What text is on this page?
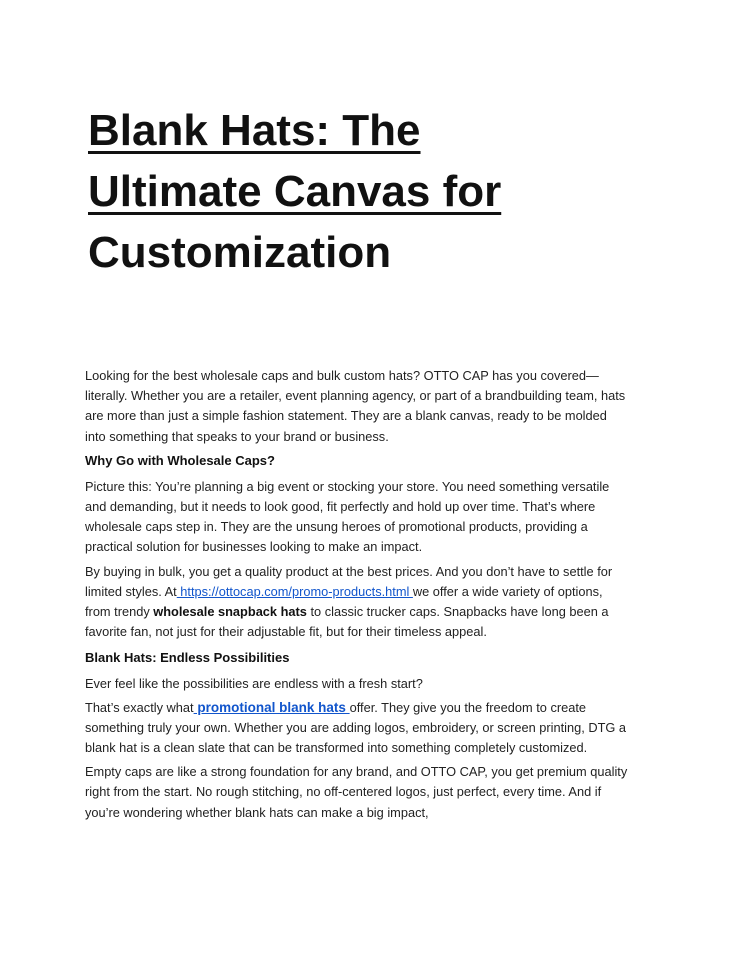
Blank Hats: The
Ultimate Canvas for
Customization

Looking for the best wholesale caps and bulk custom hats? OTTO CAP has you covered—
literally. Whether you are a retailer, event planning agency, or part of a brandbuilding team, hats
are more than just a simple fashion statement. They are a blank canvas, ready to be molded
into something that speaks to your brand or business.

Why Go with Wholesale Caps?

Picture this: You’re planning a big event or stocking your store. You need something versatile
and demanding, but it needs to look good, fit perfectly and hold up over time. That’s where
wholesale caps step in. They are the unsung heroes of promotional products, providing a
practical solution for businesses looking to make an impact.

By buying in bulk, you get a quality product at the best prices. And you don’t have to settle for
limited styles. At https://ottocap.com/promo-products.html we offer a wide variety of options,
from trendy wholesale snapback hats to classic trucker caps. Snapbacks have long been a
favorite fan, not just for their adjustable fit, but for their timeless appeal.

Blank Hats: Endless Possibilities

Ever feel like the possibilities are endless with a fresh start?

That’s exactly what promotional blank hats offer. They give you the freedom to create
something truly your own. Whether you are adding logos, embroidery, or screen printing, DTG a
blank hat is a clean slate that can be transformed into something completely customized.

Empty caps are like a strong foundation for any brand, and OTTO CAP, you get premium quality
right from the start. No rough stitching, no off-centered logos, just perfect, every time. And if
you’re wondering whether blank hats can make a big impact,
